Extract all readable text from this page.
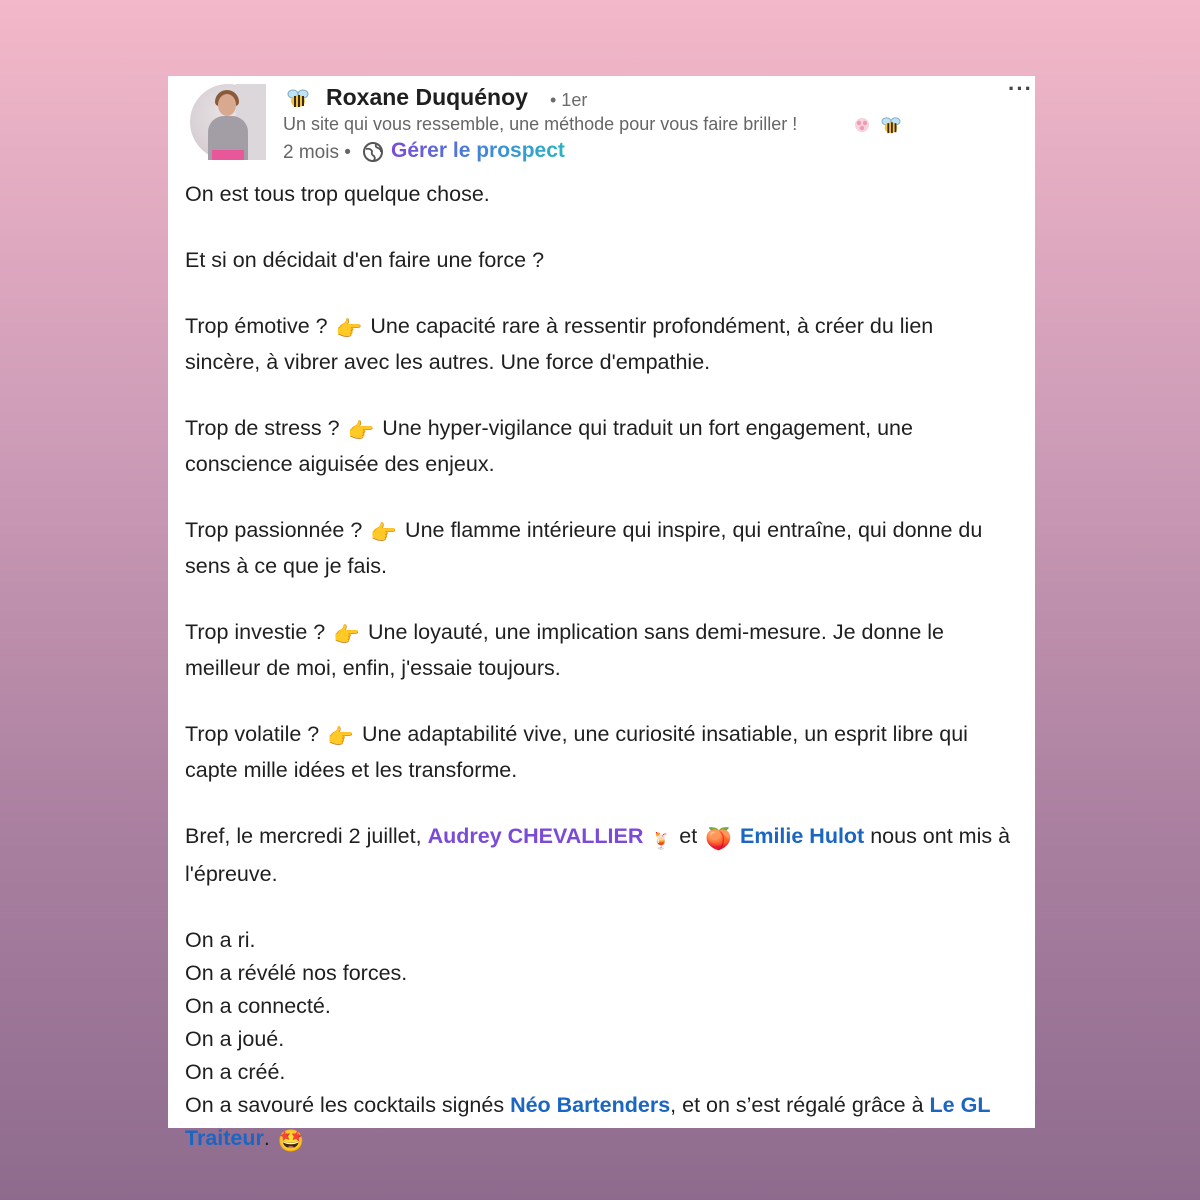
Roxane Duquénoy • 1er
Un site qui vous ressemble, une méthode pour vous faire briller !

2 mois • Gérer le prospect
···

On est tous trop quelque chose.

Et si on décidait d'en faire une force ?

Trop émotive ? 👉 Une capacité rare à ressentir profondément, à créer du lien
sincère, à vibrer avec les autres. Une force d'empathie.

Trop de stress ? 👉 Une hyper-vigilance qui traduit un fort engagement, une
conscience aiguisée des enjeux.

Trop passionnée ? 👉 Une flamme intérieure qui inspire, qui entraîne, qui donne du
sens à ce que je fais.

Trop investie ? 👉 Une loyauté, une implication sans demi-mesure. Je donne le
meilleur de moi, enfin, j'essaie toujours.

Trop volatile ? 👉 Une adaptabilité vive, une curiosité insatiable, un esprit libre qui
capte mille idées et les transforme.

Bref, le mercredi 2 juillet, Audrey CHEVALLIER 🍹 et 🍑 Emilie Hulot nous ont mis à
l'épreuve.

On a ri.

On a révélé nos forces.

On a connecté.

On a joué.

On a créé.

On a savouré les cocktails signés Néo Bartenders, et on s’est régalé grâce à Le GL
Traiteur. 🤩
